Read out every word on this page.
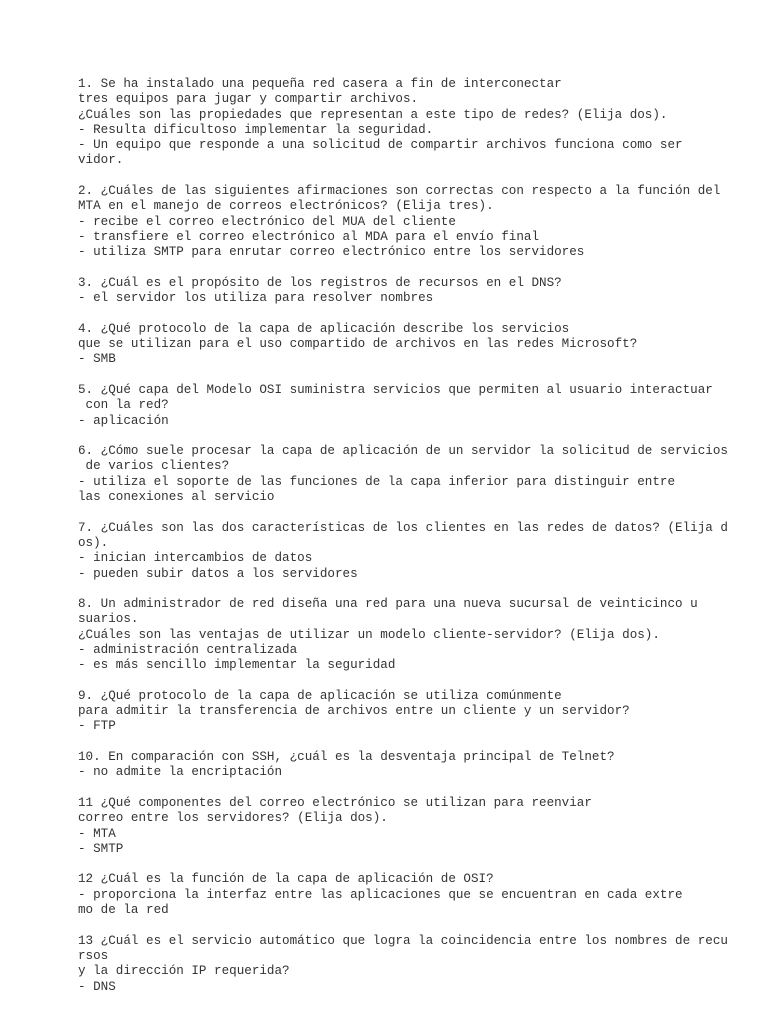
1. Se ha instalado una pequeña red casera a fin de interconectar
tres equipos para jugar y compartir archivos.
¿Cuáles son las propiedades que representan a este tipo de redes? (Elija dos).
- Resulta dificultoso implementar la seguridad.
- Un equipo que responde a una solicitud de compartir archivos funciona como ser
vidor.
2. ¿Cuáles de las siguientes afirmaciones son correctas con respecto a la función del
MTA en el manejo de correos electrónicos? (Elija tres).
- recibe el correo electrónico del MUA del cliente
- transfiere el correo electrónico al MDA para el envío final
- utiliza SMTP para enrutar correo electrónico entre los servidores
3. ¿Cuál es el propósito de los registros de recursos en el DNS?
- el servidor los utiliza para resolver nombres
4. ¿Qué protocolo de la capa de aplicación describe los servicios
que se utilizan para el uso compartido de archivos en las redes Microsoft?
- SMB
5. ¿Qué capa del Modelo OSI suministra servicios que permiten al usuario interactuar
con la red?
- aplicación
6. ¿Cómo suele procesar la capa de aplicación de un servidor la solicitud de servicios
de varios clientes?
- utiliza el soporte de las funciones de la capa inferior para distinguir entre
las conexiones al servicio
7. ¿Cuáles son las dos características de los clientes en las redes de datos? (Elija d
os).
- inician intercambios de datos
- pueden subir datos a los servidores
8. Un administrador de red diseña una red para una nueva sucursal de veinticinco u
suarios.
¿Cuáles son las ventajas de utilizar un modelo cliente-servidor? (Elija dos).
- administración centralizada
- es más sencillo implementar la seguridad
9. ¿Qué protocolo de la capa de aplicación se utiliza comúnmente
para admitir la transferencia de archivos entre un cliente y un servidor?
- FTP
10. En comparación con SSH, ¿cuál es la desventaja principal de Telnet?
- no admite la encriptación
11 ¿Qué componentes del correo electrónico se utilizan para reenviar
correo entre los servidores? (Elija dos).
- MTA
- SMTP
12 ¿Cuál es la función de la capa de aplicación de OSI?
- proporciona la interfaz entre las aplicaciones que se encuentran en cada extre
mo de la red
13 ¿Cuál es el servicio automático que logra la coincidencia entre los nombres de recu
rsos
y la dirección IP requerida?
- DNS
